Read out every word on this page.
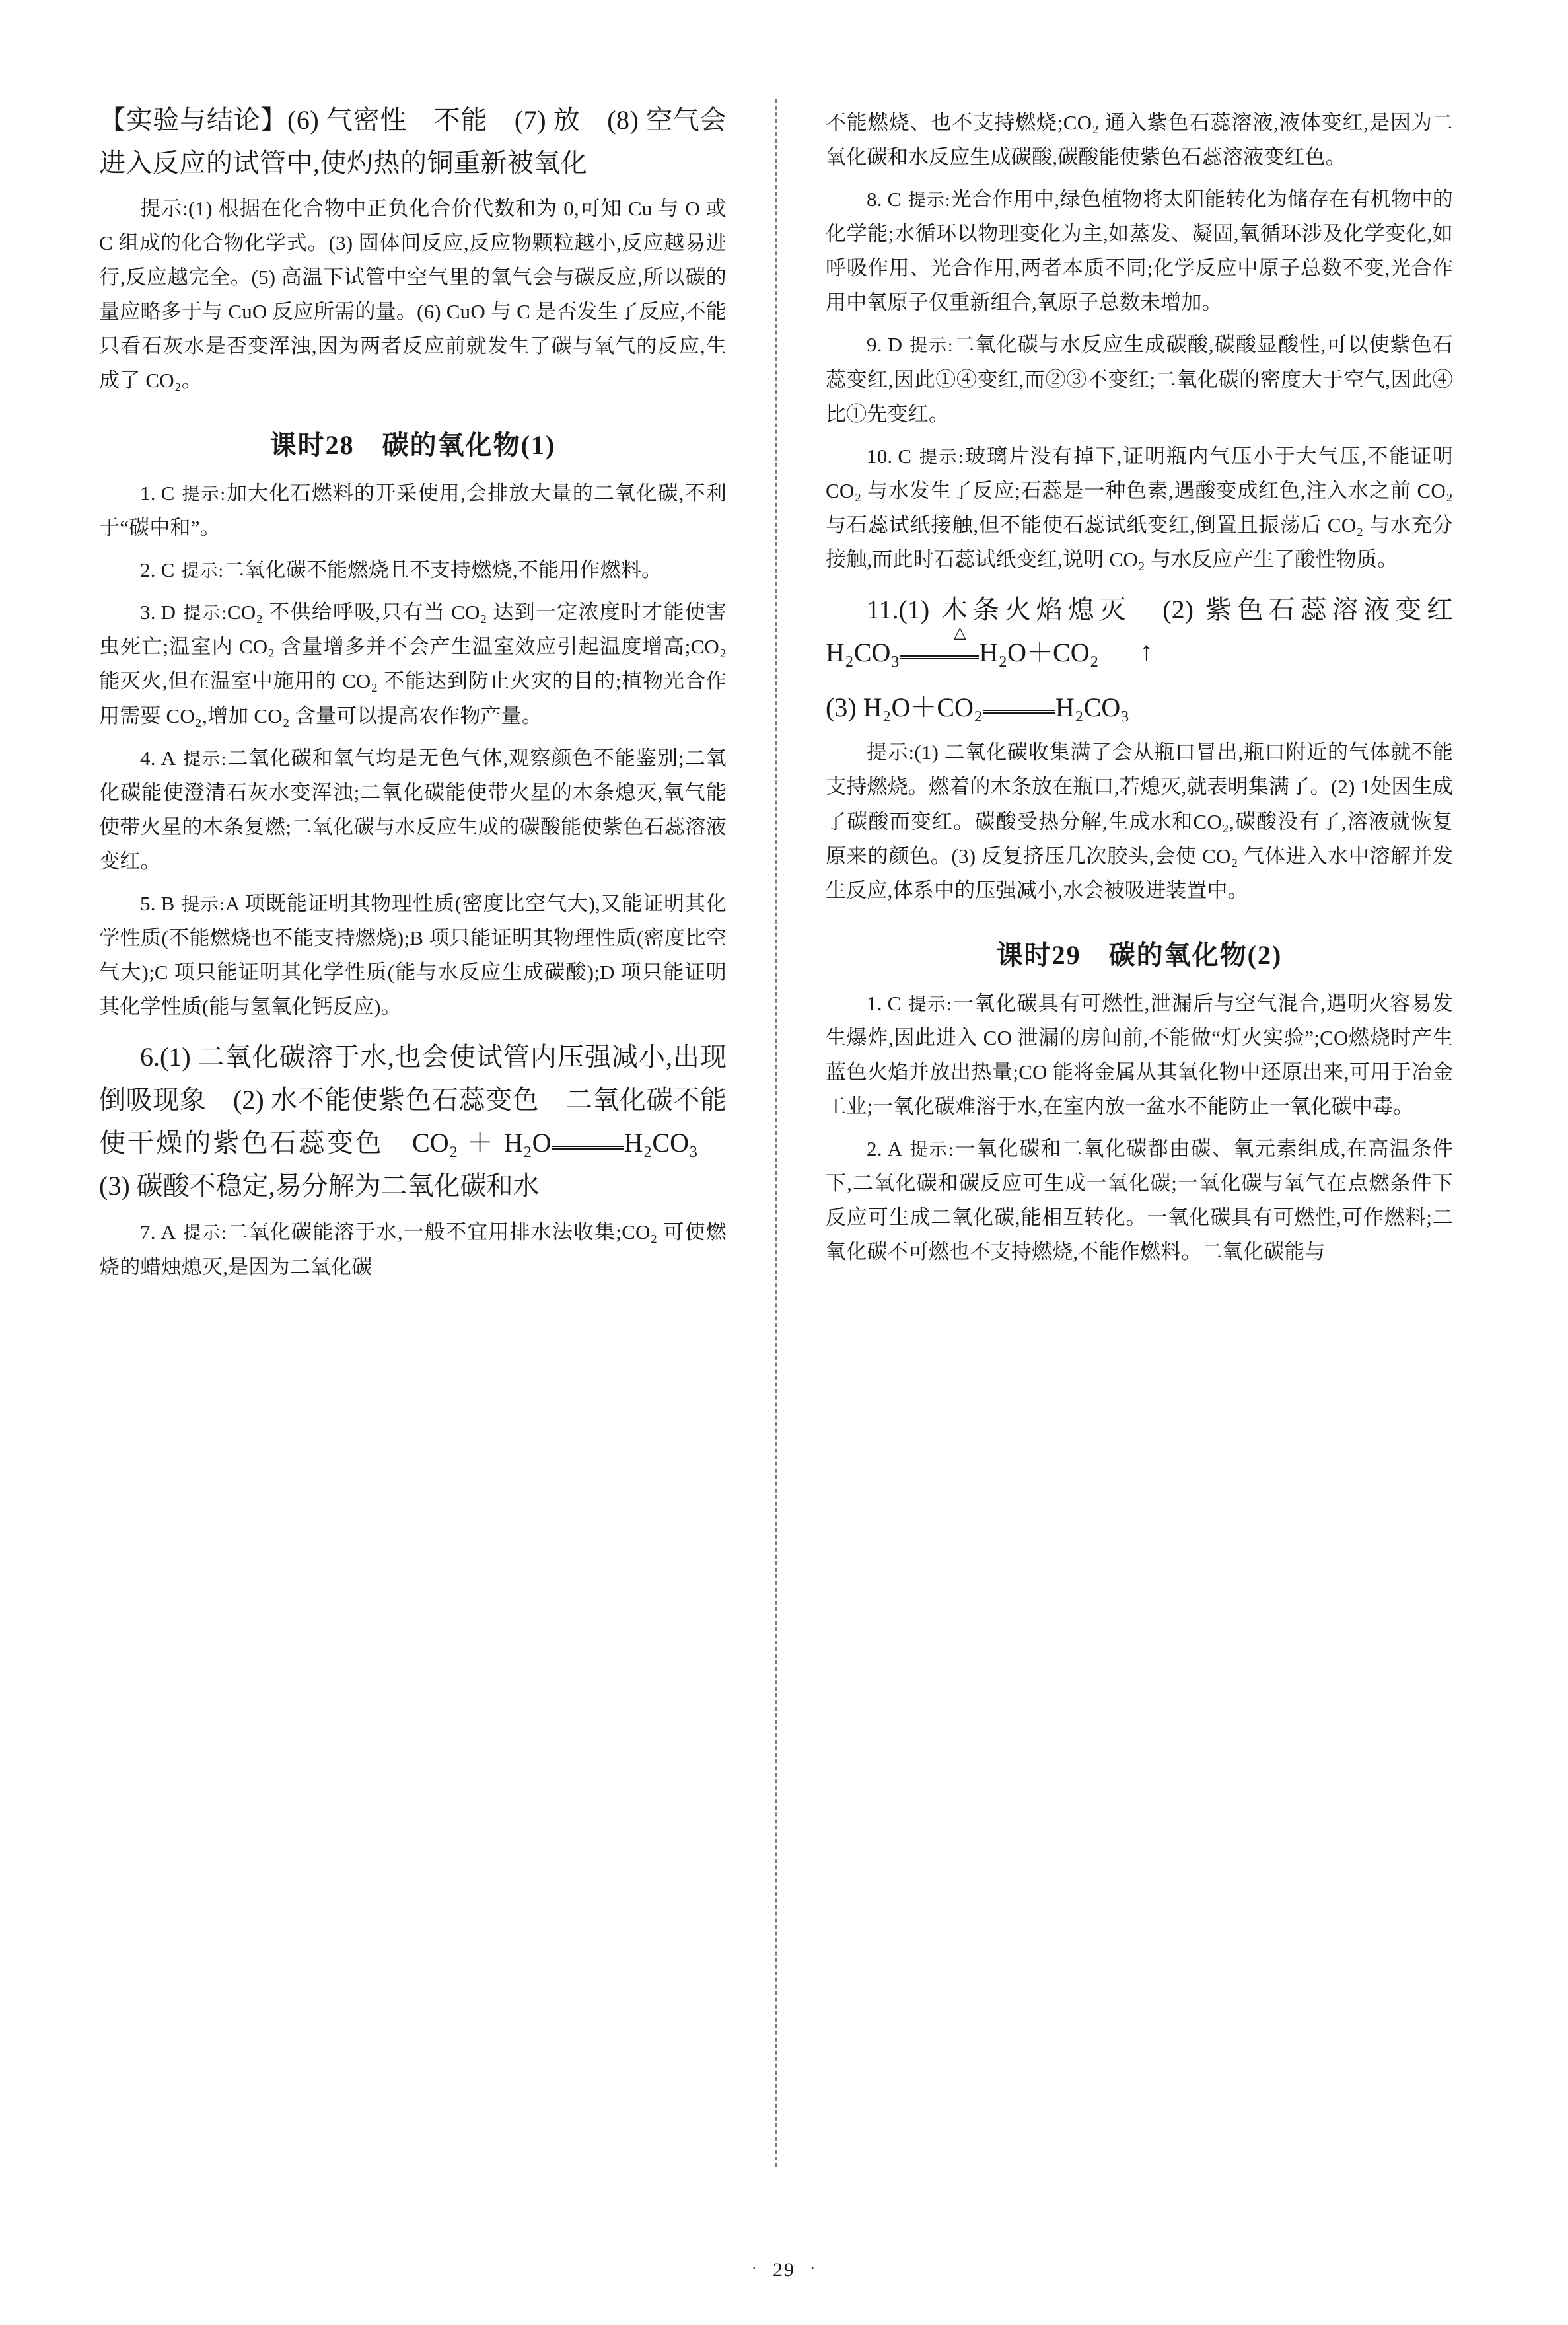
【实验与结论】(6) 气密性　不能　(7) 放　(8) 空气会进入反应的试管中,使灼热的铜重新被氧化

提示:(1) 根据在化合物中正负化合价代数和为 0,可知 Cu 与 O 或 C 组成的化合物化学式。(3) 固体间反应,反应物颗粒越小,反应越易进行,反应越完全。(5) 高温下试管中空气里的氧气会与碳反应,所以碳的量应略多于与 CuO 反应所需的量。(6) CuO 与 C 是否发生了反应,不能只看石灰水是否变浑浊,因为两者反应前就发生了碳与氧气的反应,生成了 CO₂。

课时28　碳的氧化物(1)

1. C 提示:加大化石燃料的开采使用,会排放大量的二氧化碳,不利于“碳中和”。

2. C 提示:二氧化碳不能燃烧且不支持燃烧,不能用作燃料。

3. D 提示:CO₂ 不供给呼吸,只有当 CO₂ 达到一定浓度时才能使害虫死亡;温室内 CO₂ 含量增多并不会产生温室效应引起温度增高;CO₂ 能灭火,但在温室中施用的 CO₂ 不能达到防止火灾的目的;植物光合作用需要 CO₂,增加 CO₂ 含量可以提高农作物产量。

4. A 提示:二氧化碳和氧气均是无色气体,观察颜色不能鉴别;二氧化碳能使澄清石灰水变浑浊;二氧化碳能使带火星的木条熄灭,氧气能使带火星的木条复燃;二氧化碳与水反应生成的碳酸能使紫色石蕊溶液变红。

5. B 提示:A 项既能证明其物理性质(密度比空气大),又能证明其化学性质(不能燃烧也不能支持燃烧);B 项只能证明其物理性质(密度比空气大);C 项只能证明其化学性质(能与水反应生成碳酸);D 项只能证明其化学性质(能与氢氧化钙反应)。

6.(1) 二氧化碳溶于水,也会使试管内压强减小,出现倒吸现象　(2) 水不能使紫色石蕊变色　二氧化碳不能使干燥的紫色石蕊变色　CO₂ ＋ H₂O	H₂CO₃　(3) 碳酸不稳定,易分解为二氧化碳和水

7. A 提示:二氧化碳能溶于水,一般不宜用排水法收集;CO₂ 可使燃烧的蜡烛熄灭,是因为二氧化碳

不能燃烧、也不支持燃烧;CO₂ 通入紫色石蕊溶液,液体变红,是因为二氧化碳和水反应生成碳酸,碳酸能使紫色石蕊溶液变红色。

8. C 提示:光合作用中,绿色植物将太阳能转化为储存在有机物中的化学能;水循环以物理变化为主,如蒸发、凝固,氧循环涉及化学变化,如呼吸作用、光合作用,两者本质不同;化学反应中原子总数不变,光合作用中氧原子仅重新组合,氧原子总数未增加。

9. D 提示:二氧化碳与水反应生成碳酸,碳酸显酸性,可以使紫色石蕊变红,因此①④变红,而②③不变红;二氧化碳的密度大于空气,因此④比①先变红。

10. C 提示:玻璃片没有掉下,证明瓶内气压小于大气压,不能证明 CO₂ 与水发生了反应;石蕊是一种色素,遇酸变成红色,注入水之前 CO₂ 与石蕊试纸接触,但不能使石蕊试纸变红,倒置且振荡后 CO₂ 与水充分接触,而此时石蕊试纸变红,说明 CO₂ 与水反应产生了酸性物质。

11.(1) 木条火焰熄灭　(2) 紫色石蕊溶液变红　H₂CO₃
△
H₂O＋CO₂ ↑

(3) H₂O＋CO₂	H₂CO₃

提示:(1) 二氧化碳收集满了会从瓶口冒出,瓶口附近的气体就不能支持燃烧。燃着的木条放在瓶口,若熄灭,就表明集满了。(2) 1处因生成了碳酸而变红。碳酸受热分解,生成水和CO₂,碳酸没有了,溶液就恢复原来的颜色。(3) 反复挤压几次胶头,会使 CO₂ 气体进入水中溶解并发生反应,体系中的压强减小,水会被吸进装置中。

课时29　碳的氧化物(2)

1. C 提示:一氧化碳具有可燃性,泄漏后与空气混合,遇明火容易发生爆炸,因此进入 CO 泄漏的房间前,不能做“灯火实验”;CO燃烧时产生蓝色火焰并放出热量;CO 能将金属从其氧化物中还原出来,可用于冶金工业;一氧化碳难溶于水,在室内放一盆水不能防止一氧化碳中毒。

2. A 提示:一氧化碳和二氧化碳都由碳、氧元素组成,在高温条件下,二氧化碳和碳反应可生成一氧化碳;一氧化碳与氧气在点燃条件下反应可生成二氧化碳,能相互转化。一氧化碳具有可燃性,可作燃料;二氧化碳不可燃也不支持燃烧,不能作燃料。二氧化碳能与

· 29 ·
